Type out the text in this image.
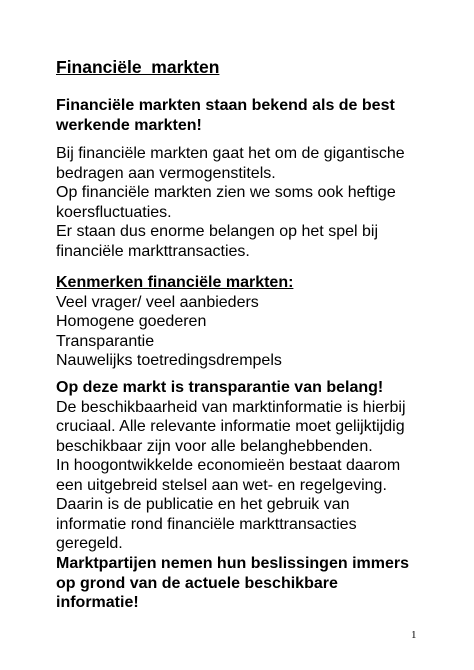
Financiële  markten
Financiële markten staan bekend als de best
werkende markten!
Bij financiële markten gaat het om de gigantische
bedragen aan vermogenstitels.
Op financiële markten zien we soms ook heftige
koersfluctuaties.
Er staan dus enorme belangen op het spel bij
financiële markttransacties.
Kenmerken financiële markten:
Veel vrager/ veel aanbieders
Homogene goederen
Transparantie
Nauwelijks toetredingsdrempels
Op deze markt is transparantie van belang!
De beschikbaarheid van marktinformatie is hierbij
cruciaal. Alle relevante informatie moet gelijktijdig
beschikbaar zijn voor alle belanghebbenden.
In hoogontwikkelde economieën bestaat daarom
een uitgebreid stelsel aan wet- en regelgeving.
Daarin is de publicatie en het gebruik van
informatie rond financiële markttransacties
geregeld.
Marktpartijen nemen hun beslissingen immers
op grond van de actuele beschikbare
informatie!
1
